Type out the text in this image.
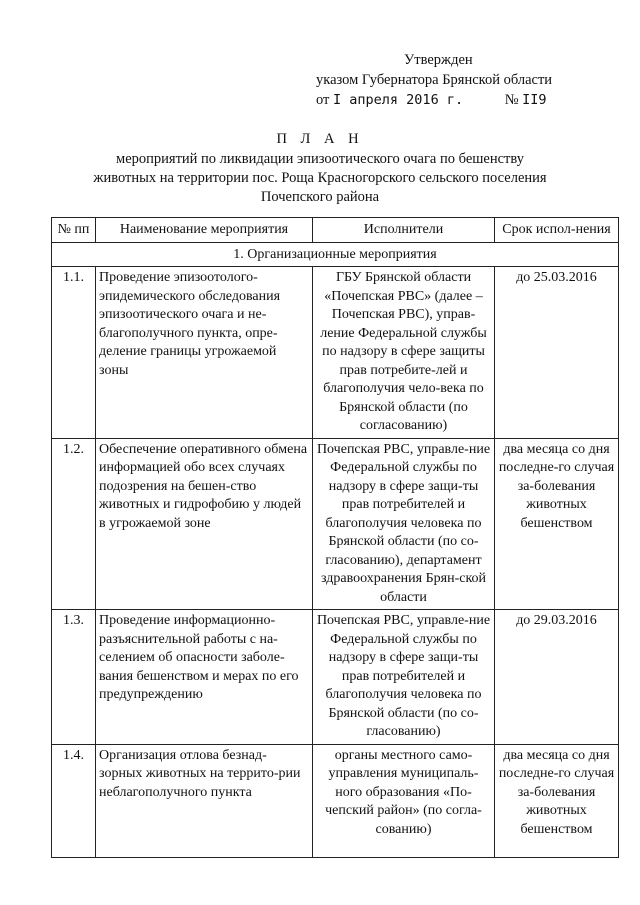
Утвержден
указом Губернатора Брянской области
от I апреля 2016 г.	№ II9
П Л А Н
мероприятий по ликвидации эпизоотического очага по бешенству
животных на территории пос. Роща Красногорского сельского поселения
Почепского района
№ пп	Наименование мероприятия	Исполнители	Срок испол-нения
1. Организационные мероприятия			
1.1.	Проведение эпизоотолого-эпидемического обследования эпизоотического очага и не-благополучного пункта, опре-деление границы угрожаемой зоны	ГБУ Брянской области «Почепская РВС» (далее – Почепская РВС), управ-ление Федеральной службы по надзору в сфере защиты прав потребите-лей и благополучия чело-века по Брянской области (по согласованию)	до 25.03.2016
1.2.	Обеспечение оперативного обмена информацией обо всех случаях подозрения на бешен-ство животных и гидрофобию у людей в угрожаемой зоне	Почепская РВС, управле-ние Федеральной службы по надзору в сфере защи-ты прав потребителей и благополучия человека по Брянской области (по со-гласованию), департамент здравоохранения Брян-ской области	два месяца со дня последне-го случая за-болевания животных бешенством
1.3.	Проведение информационно-разъяснительной работы с на-селением об опасности заболе-вания бешенством и мерах по его предупреждению	Почепская РВС, управле-ние Федеральной службы по надзору в сфере защи-ты прав потребителей и благополучия человека по Брянской области (по со-гласованию)	до 29.03.2016
1.4.	Организация отлова безнад-зорных животных на террито-рии неблагополучного пункта	органы местного само-управления муниципаль-ного образования «По-чепский район» (по согла-сованию)	два месяца со дня последне-го случая за-болевания животных бешенством
